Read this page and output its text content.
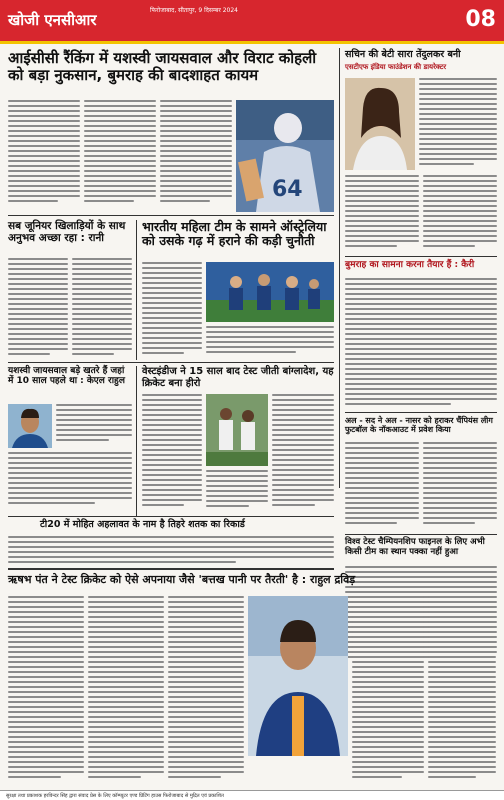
खोजी एनसीआर
फिरोजाबाद, सीतापुर, 9 दिसम्बर 2024	08
आईसीसी रैंकिंग में यशस्वी जायसवाल और विराट कोहली को बड़ा नुकसान, बुमराह की बादशाहत कायम
64
सचिन की बेटी सारा तेंदुलकर बनी
एसटीएफ इंडिया फाउंडेशन की डायरेक्टर
बुमराह का सामना करना तैयार हैं : कैरी
अल - सद ने अल - नासर को हराकर चैंपियंस लीग फुटबॉल के नॉकआउट में प्रवेश किया
विश्व टेस्ट चैम्पियनशिप फाइनल के लिए अभी किसी टीम का स्थान पक्का नहीं हुआ
सब जूनियर खिलाड़ियों के साथ अनुभव अच्छा रहा : रानी
भारतीय महिला टीम के सामने ऑस्ट्रेलिया को उसके गढ़ में हराने की कड़ी चुनौती
यशस्वी जायसवाल बड़े खतरे हैं जहां में 10 साल पहले था : केएल राहुल
वेस्टइंडीज ने 15 साल बाद टेस्ट जीती बांग्लादेश, यह क्रिकेट बना हीरो
टी20 में मोहित अहलावत के नाम है तिहरे शतक का रिकार्ड
ऋषभ पंत ने टेस्ट क्रिकेट को ऐसे अपनाया जैसे 'बत्तख पानी पर तैरती' है : राहुल द्रविड़
सुरक्षा तथा प्रकाशक हरविन्दर सिंह द्वारा संवाद प्रेस के लिए कॉम्प्यूटर एण्ड प्रिंटिंग हाउस फिरोजाबाद से मुद्रित एवं प्रकाशित
